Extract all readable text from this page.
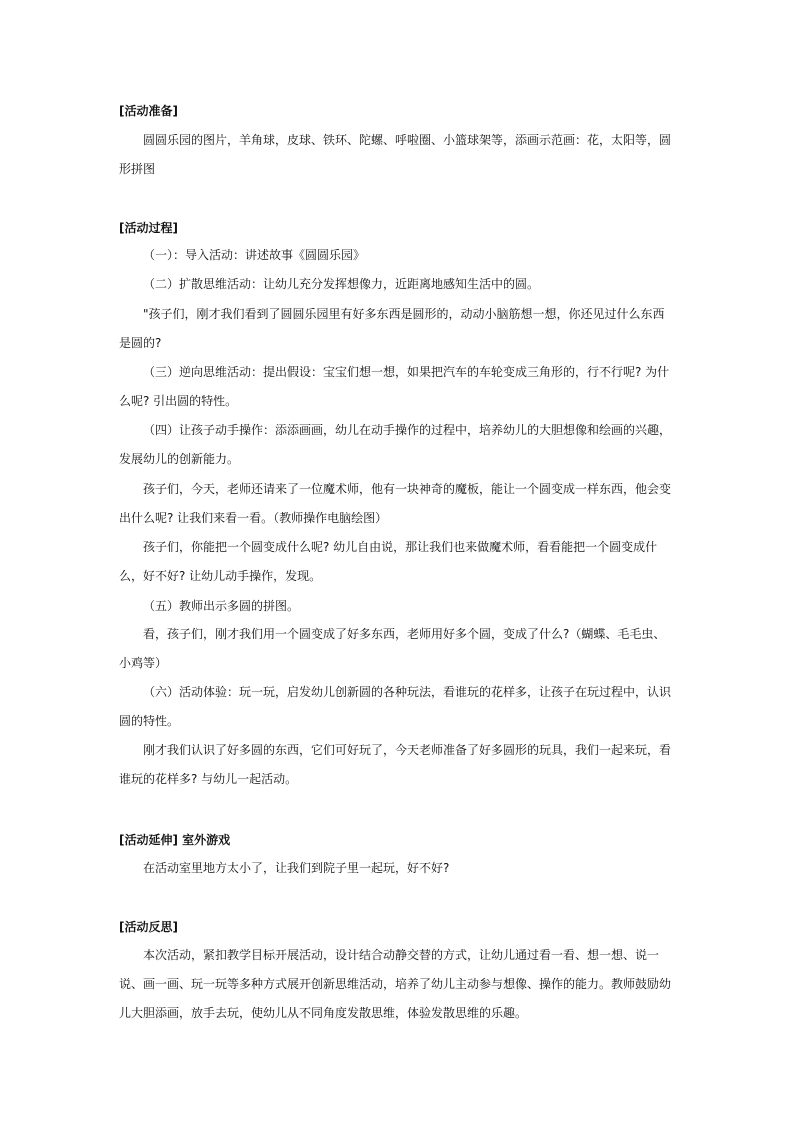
[活动准备]

圆圆乐园的图片，羊角球，皮球、铁环、陀螺、呼啦圈、小篮球架等，添画示范画：花，太阳等，圆形拼图

[活动过程]

（一）：导入活动：讲述故事《圆圆乐园》

（二）扩散思维活动：让幼儿充分发挥想像力，近距离地感知生活中的圆。

"孩子们，刚才我们看到了圆圆乐园里有好多东西是圆形的，动动小脑筋想一想，你还见过什么东西是圆的?

（三）逆向思维活动：提出假设：宝宝们想一想，如果把汽车的车轮变成三角形的，行不行呢? 为什么呢? 引出圆的特性。

（四）让孩子动手操作：添添画画，幼儿在动手操作的过程中，培养幼儿的大胆想像和绘画的兴趣，发展幼儿的创新能力。

孩子们，今天，老师还请来了一位魔术师，他有一块神奇的魔板，能让一个圆变成一样东西，他会变出什么呢? 让我们来看一看。（教师操作电脑绘图）

孩子们，你能把一个圆变成什么呢? 幼儿自由说，那让我们也来做魔术师，看看能把一个圆变成什么，好不好? 让幼儿动手操作，发现。

（五）教师出示多圆的拼图。

看，孩子们，刚才我们用一个圆变成了好多东西，老师用好多个圆，变成了什么?（蝴蝶、毛毛虫、小鸡等）

（六）活动体验：玩一玩，启发幼儿创新圆的各种玩法，看谁玩的花样多，让孩子在玩过程中，认识圆的特性。

刚才我们认识了好多圆的东西，它们可好玩了，今天老师准备了好多圆形的玩具，我们一起来玩，看谁玩的花样多? 与幼儿一起活动。

[活动延伸] 室外游戏

在活动室里地方太小了，让我们到院子里一起玩，好不好?

[活动反思]

本次活动，紧扣教学目标开展活动，设计结合动静交替的方式，让幼儿通过看一看、想一想、说一说、画一画、玩一玩等多种方式展开创新思维活动，培养了幼儿主动参与想像、操作的能力。教师鼓励幼儿大胆添画，放手去玩，使幼儿从不同角度发散思维，体验发散思维的乐趣。
